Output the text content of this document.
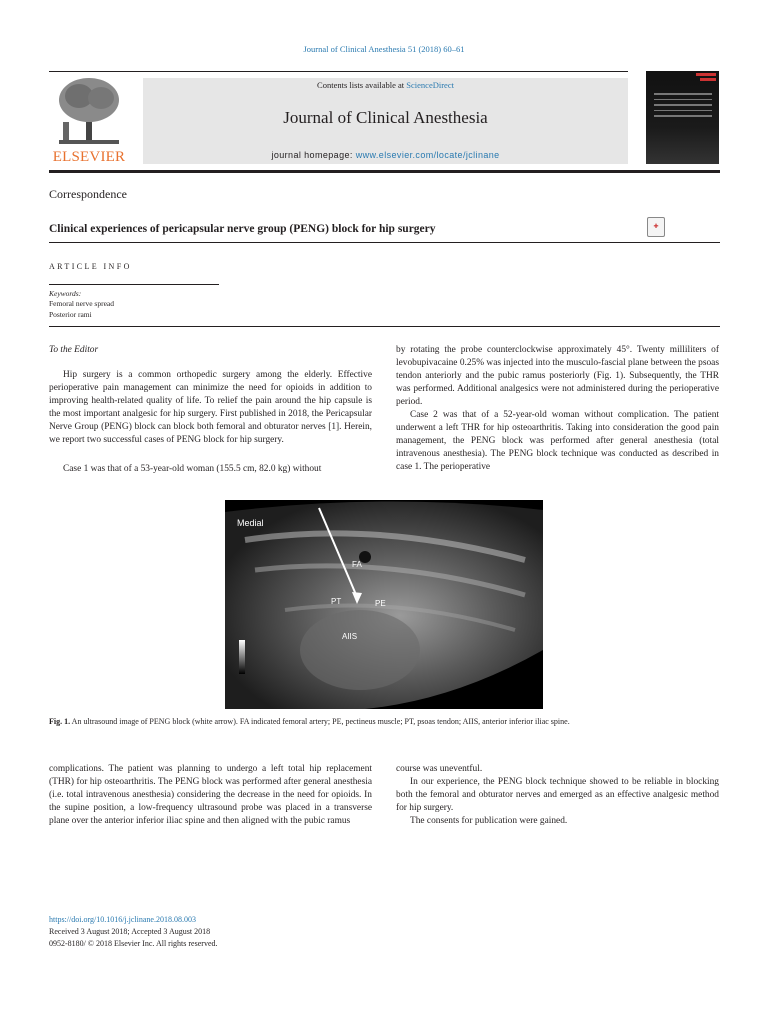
Journal of Clinical Anesthesia 51 (2018) 60–61
ELSEVIER
Contents lists available at ScienceDirect
Journal of Clinical Anesthesia
journal homepage: www.elsevier.com/locate/jclinane
Correspondence
Clinical experiences of pericapsular nerve group (PENG) block for hip surgery	✚
ARTICLE INFO
Keywords:
Femoral nerve spread
Posterior rami
To the Editor
Hip surgery is a common orthopedic surgery among the elderly. Effective perioperative pain management can minimize the need for opioids in addition to improving health-related quality of life. To relief the pain around the hip capsule is the most important analgesic for hip surgery. First published in 2018, the Pericapsular Nerve Group (PENG) block can block both femoral and obturator nerves [1]. Herein, we report two successful cases of PENG block for hip surgery.
Case 1 was that of a 53-year-old woman (155.5 cm, 82.0 kg) without
by rotating the probe counterclockwise approximately 45°. Twenty milliliters of levobupivacaine 0.25% was injected into the musculo-fascial plane between the psoas tendon anteriorly and the pubic ramus posteriorly (Fig. 1). Subsequently, the THR was performed. Additional analgesics were not administered during the perioperative period.
Case 2 was that of a 52-year-old woman without complication. The patient underwent a left THR for hip osteoarthritis. Taking into consideration the good pain management, the PENG block was performed after general anesthesia (total intravenous anesthesia). The PENG block technique was conducted as described in case 1. The perioperative
Medial
FA
PT	PE
AIIS
Fig. 1. An ultrasound image of PENG block (white arrow). FA indicated femoral artery; PE, pectineus muscle; PT, psoas tendon; AIIS, anterior inferior iliac spine.
complications. The patient was planning to undergo a left total hip replacement (THR) for hip osteoarthritis. The PENG block was performed after general anesthesia (i.e. total intravenous anesthesia) considering the decrease in the need for opioids. In the supine position, a low-frequency ultrasound probe was placed in a transverse plane over the anterior inferior iliac spine and then aligned with the pubic ramus
course was uneventful.
In our experience, the PENG block technique showed to be reliable in blocking both the femoral and obturator nerves and emerged as an effective analgesic method for hip surgery.
The consents for publication were gained.
https://doi.org/10.1016/j.jclinane.2018.08.003
Received 3 August 2018; Accepted 3 August 2018
0952-8180/ © 2018 Elsevier Inc. All rights reserved.
